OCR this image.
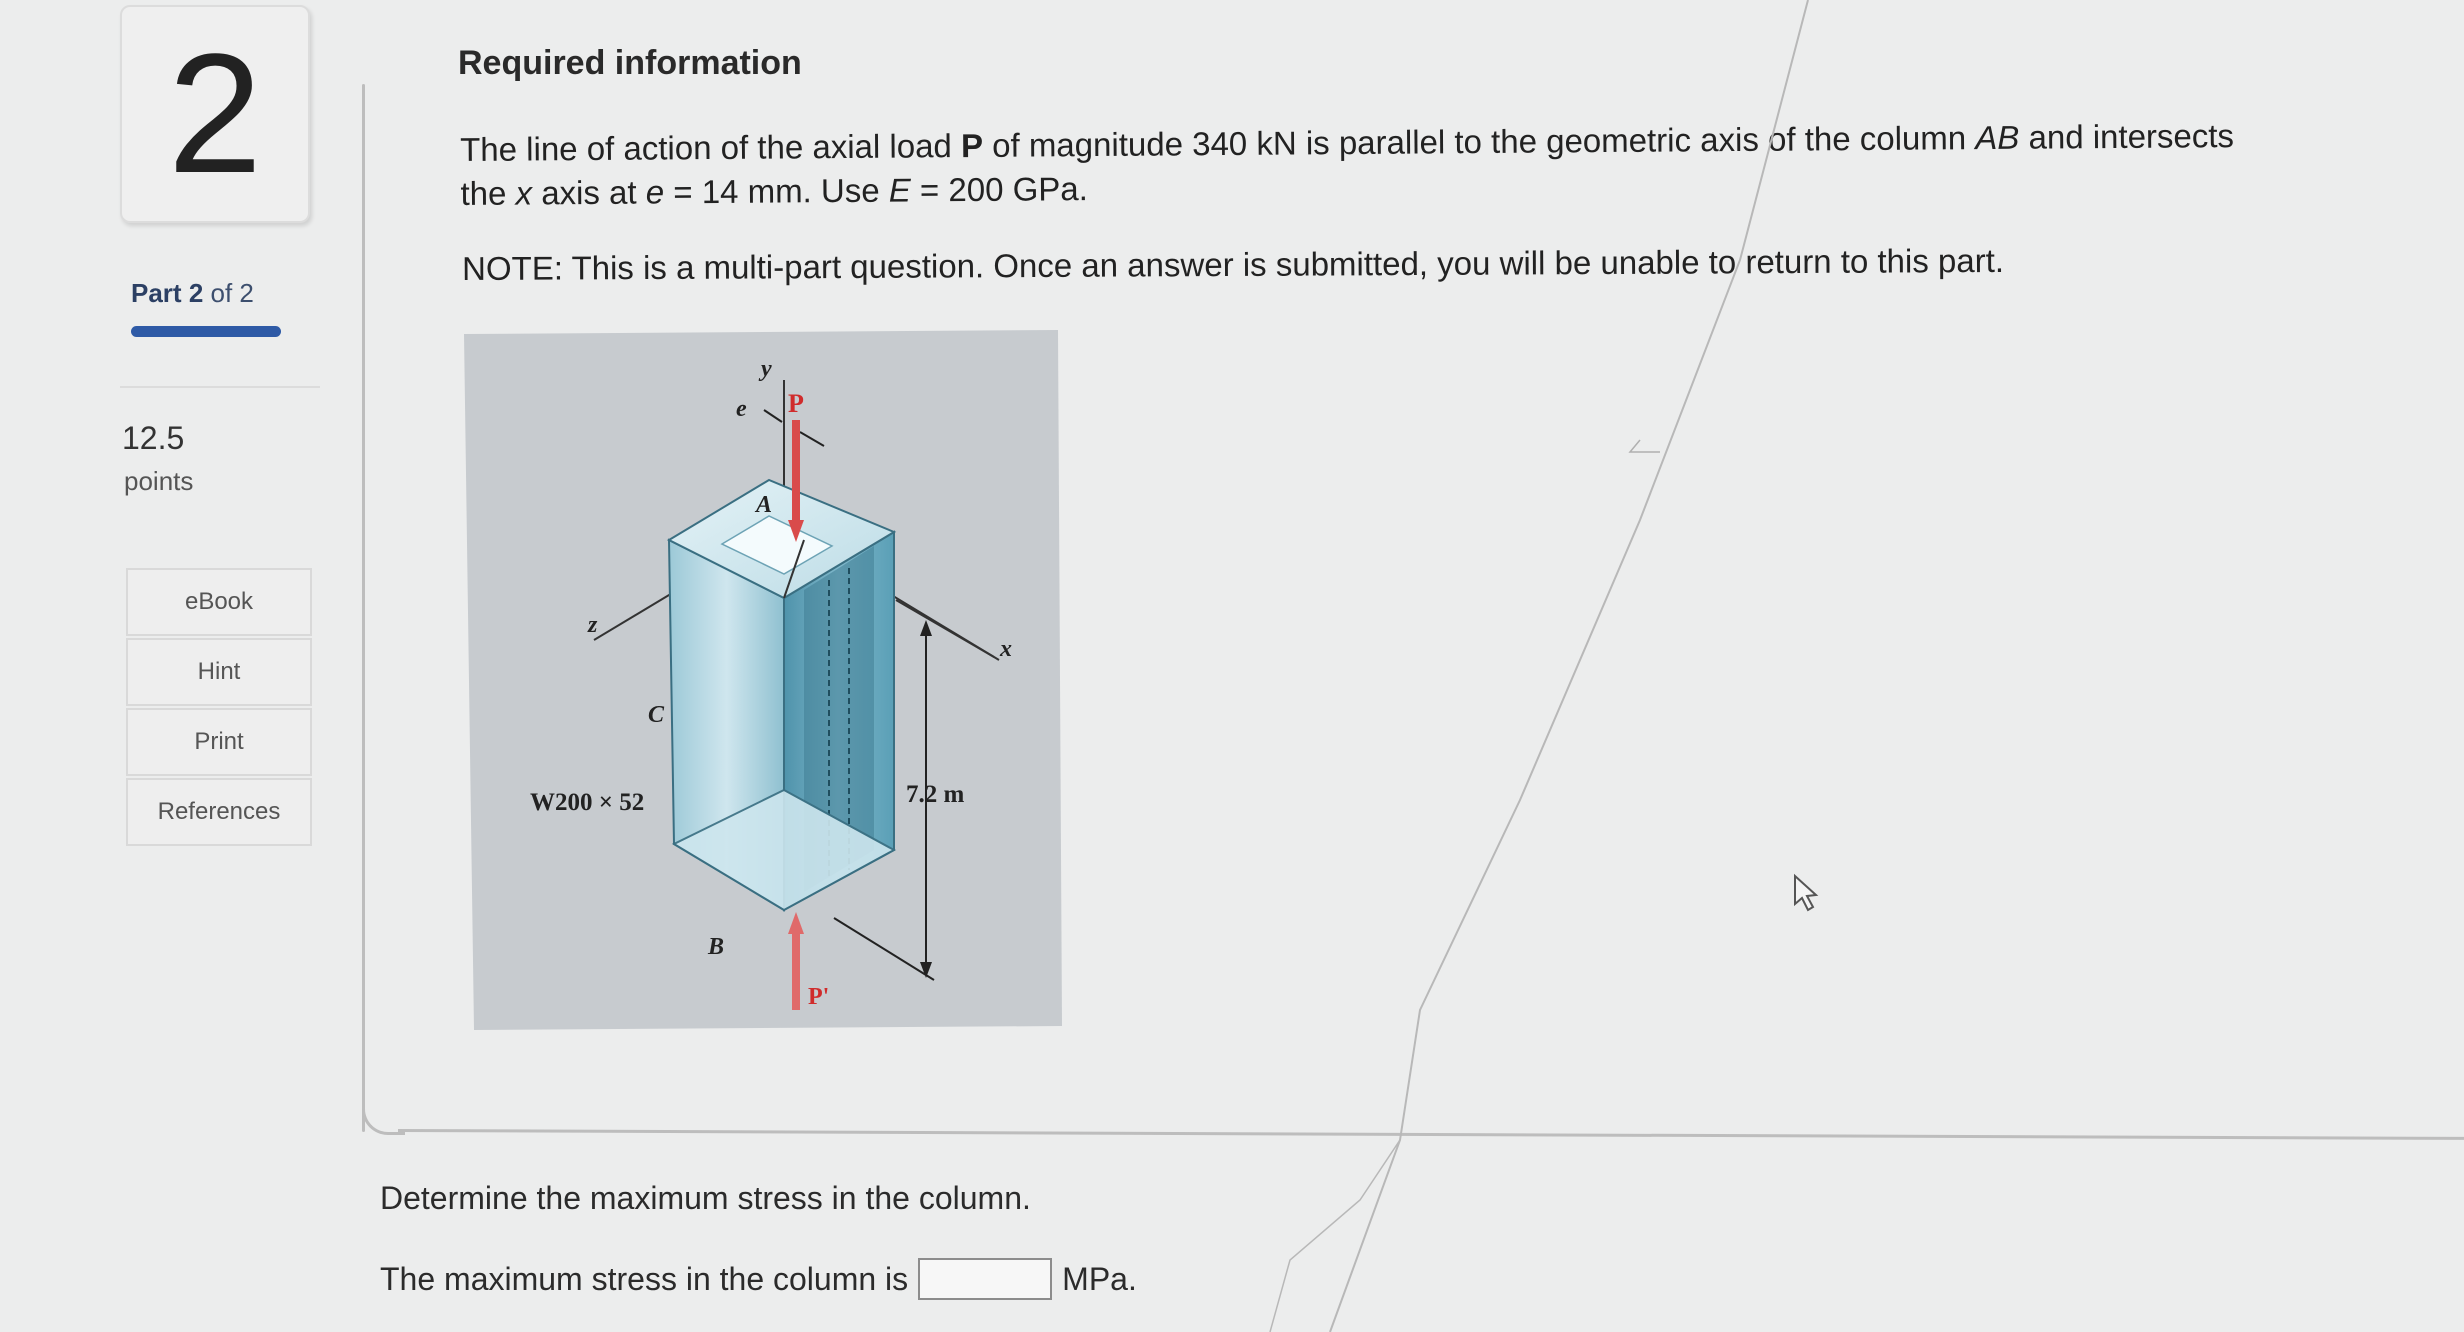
2
Part 2 of 2
12.5
points
eBook
Hint
Print
References
Required information
The line of action of the axial load P of magnitude 340 kN is parallel to the geometric axis of the column AB and intersects
the x axis at e = 14 mm. Use E = 200 GPa.
NOTE: This is a multi-part question. Once an answer is submitted, you will be unable to return to this part.
y
e P
A
z
x
C
W200 × 52	7.2 m
B
P'
Determine the maximum stress in the column.
The maximum stress in the column is	MPa.
